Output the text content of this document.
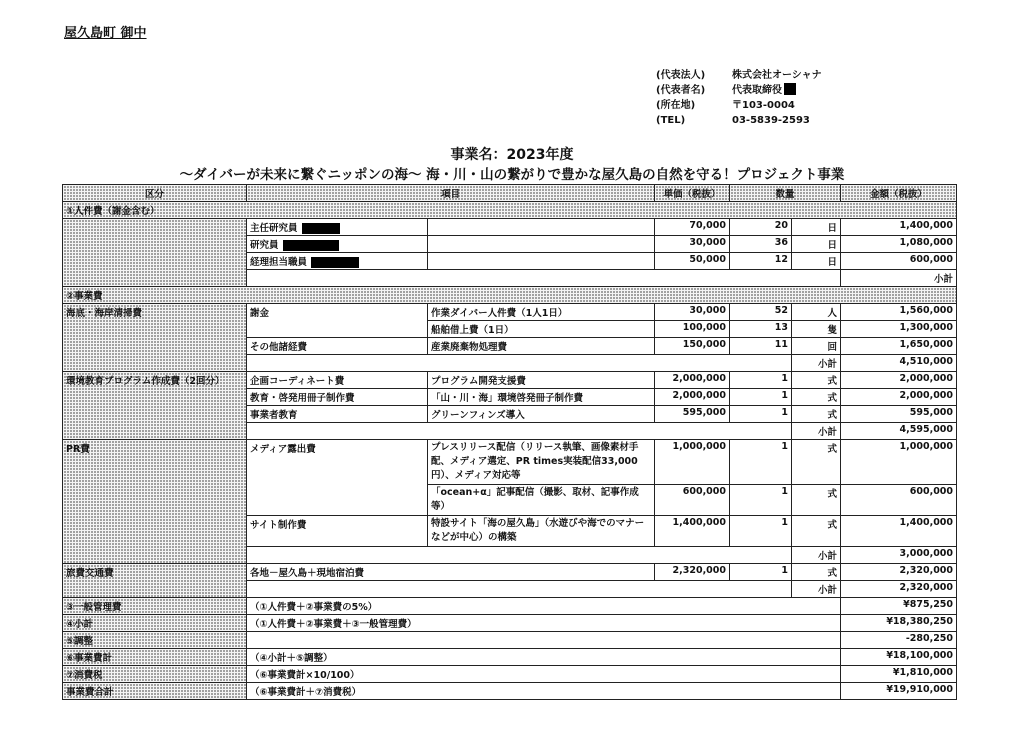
屋久島町 御中
(代表法人)	株式会社オーシャナ
(代表者名)	代表取締役
(所在地)	〒103-0004
(TEL)	03-5839-2593
事業名：2023年度
～ダイバーが未来に繋ぐニッポンの海～ 海・川・山の繋がりで豊かな屋久島の自然を守る！プロジェクト事業
区分	項目		単価（税抜）	数量		金額（税抜）	
①人件費（謝金含む）							
	主任研究員		70,000	20	日	1,400,000	
	研究員		30,000	36	日	1,080,000	
	経理担当職員		50,000	12	日	600,000	
						小計	
②事業費							
海底・海岸清掃費	謝金	作業ダイバー人件費（1人1日）	30,000	52	人	1,560,000	
		船舶借上費（1日）	100,000	13	隻	1,300,000	
	その他諸経費	産業廃棄物処理費	150,000	11	回	1,650,000	
					小計	4,510,000	
環境教育プログラム作成費（2回分）	企画コーディネート費	プログラム開発支援費	2,000,000	1	式	2,000,000	
	教育・啓発用冊子制作費	「山・川・海」環境啓発冊子制作費	2,000,000	1	式	2,000,000	
	事業者教育	グリーンフィンズ導入	595,000	1	式	595,000	
					小計	4,595,000	
PR費	メディア露出費	プレスリリース配信（リリース執筆、画像素材手配、メディア選定、PR times実装配信33,000円）、メディア対応等	1,000,000	1	式	1,000,000	
		「ocean+α」記事配信（撮影、取材、記事作成等）	600,000	1	式	600,000	
	サイト制作費	特設サイト「海の屋久島」（水遊びや海でのマナーなどが中心）の構築	1,400,000	1	式	1,400,000	
					小計	3,000,000	
旅費交通費	各地－屋久島＋現地宿泊費		2,320,000	1	式	2,320,000	
					小計	2,320,000	
③一般管理費	（①人件費＋②事業費の5%）					¥875,250	
④小計	（①人件費＋②事業費＋③一般管理費）					¥18,380,250	
⑤調整						-280,250	
⑥事業費計	（④小計＋⑤調整）					¥18,100,000	
⑦消費税	（⑥事業費計×10/100）					¥1,810,000	
事業費合計	（⑥事業費計＋⑦消費税）					¥19,910,000	
